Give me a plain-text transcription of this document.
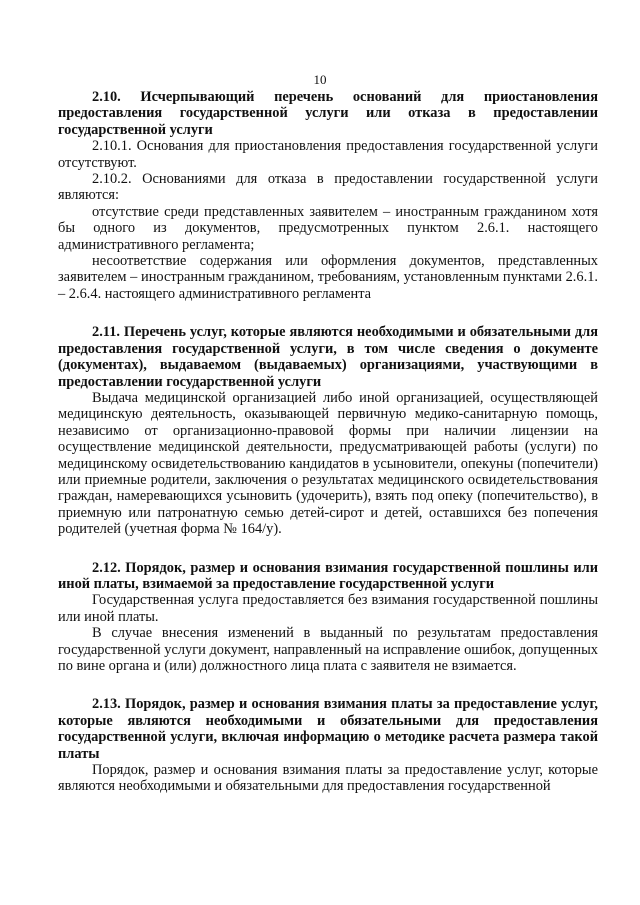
10

2.10. Исчерпывающий перечень оснований для приостановления предоставления государственной услуги или отказа в предоставлении государственной услуги

2.10.1. Основания для приостановления предоставления государственной услуги отсутствуют.

2.10.2. Основаниями для отказа в предоставлении государственной услуги являются:

отсутствие среди представленных заявителем – иностранным гражданином хотя бы одного из документов, предусмотренных пунктом 2.6.1. настоящего административного регламента;

несоответствие содержания или оформления документов, представленных заявителем – иностранным гражданином, требованиям, установленным пунктами 2.6.1. – 2.6.4. настоящего административного регламента

2.11. Перечень услуг, которые являются необходимыми и обязательными для предоставления государственной услуги, в том числе сведения о документе (документах), выдаваемом (выдаваемых) организациями, участвующими в предоставлении государственной услуги

Выдача медицинской организацией либо иной организацией, осуществляющей медицинскую деятельность, оказывающей первичную медико-санитарную помощь, независимо от организационно-правовой формы при наличии лицензии на осуществление медицинской деятельности, предусматривающей работы (услуги) по медицинскому освидетельствованию кандидатов в усыновители, опекуны (попечители) или приемные родители, заключения о результатах медицинского освидетельствования граждан, намеревающихся усыновить (удочерить), взять под опеку (попечительство), в приемную или патронатную семью детей-сирот и детей, оставшихся без попечения родителей (учетная форма № 164/у).

2.12. Порядок, размер и основания взимания государственной пошлины или иной платы, взимаемой за предоставление государственной услуги

Государственная услуга предоставляется без взимания государственной пошлины или иной платы.

В случае внесения изменений в выданный по результатам предоставления государственной услуги документ, направленный на исправление ошибок, допущенных по вине органа и (или) должностного лица плата с заявителя не взимается.

2.13. Порядок, размер и основания взимания платы за предоставление услуг, которые являются необходимыми и обязательными для предоставления государственной услуги, включая информацию о методике расчета размера такой платы

Порядок, размер и основания взимания платы за предоставление услуг, которые являются необходимыми и обязательными для предоставления государственной
